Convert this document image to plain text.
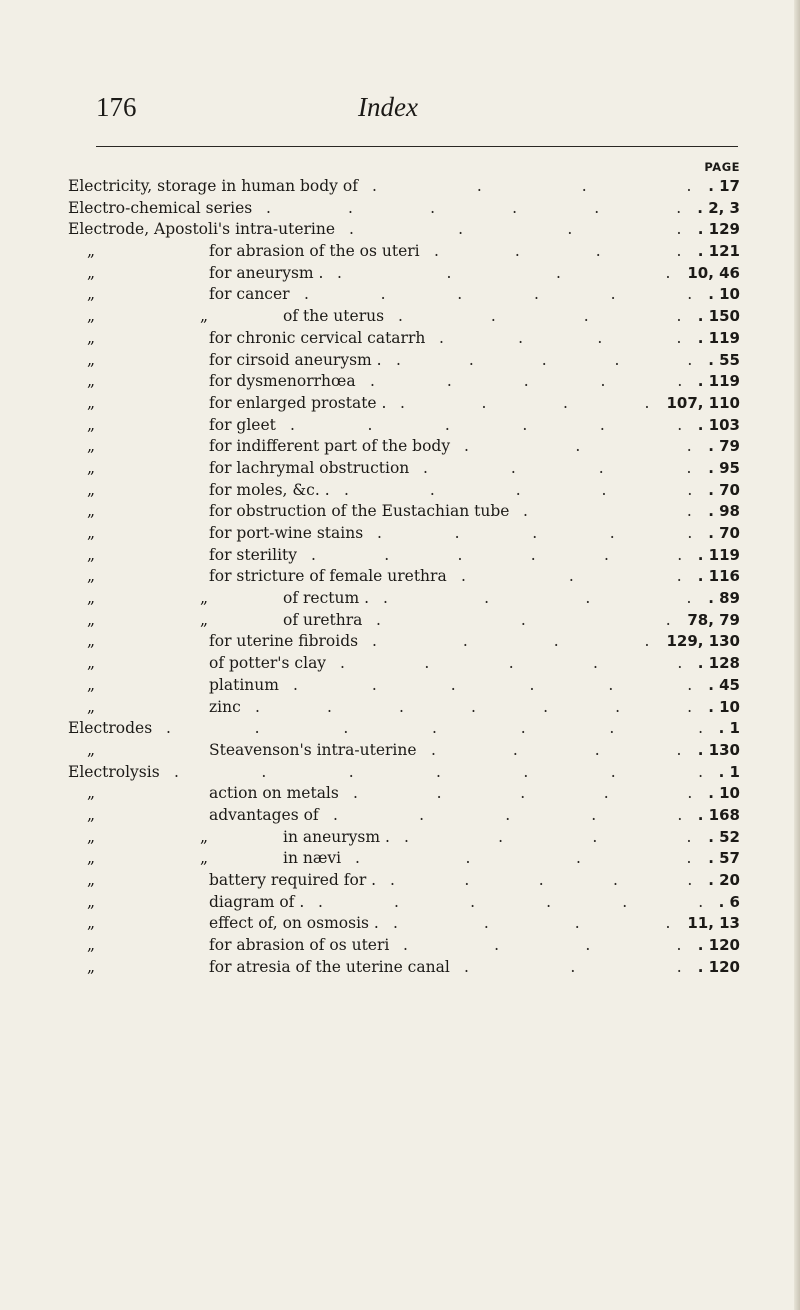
176	Index
PAGE
Electricity, storage in human body of	. 17
. . . .
Electro-chemical series	. 2, 3
. . . . . .
Electrode, Apostoli's intra-uterine	. 129
. . . .
„	for abrasion of the os uteri	. 121
. . . .
„	for aneurysm .	10, 46
. . . .
„	for cancer	. 10
. . . . . .
„	„	of the uterus	. 150
. . . .
„	for chronic cervical catarrh	. 119
. . . .
„	for cirsoid aneurysm .	. 55
. . . . .
„	for dysmenorrhœa	. 119
. . . . .
„	for enlarged prostate .	107, 110
. . . .
„	for gleet	. 103
. . . . . .
„	for indifferent part of the body	. 79
. . .
„	for lachrymal obstruction	. 95
. . . .
„	for moles, &c. .	. 70
. . . . .
„	for obstruction of the Eustachian tube	. 98
. .
„	for port-wine stains	. 70
. . . . .
„	for sterility	. 119
. . . . . .
„	for stricture of female urethra	. 116
. . .
„	„	of rectum .	. 89
. . . .
„	„	of urethra	78, 79
. . .
„	for uterine fibroids	129, 130
. . . .
„	of potter's clay	. 128
. . . . .
„	platinum	. 45
. . . . . .
„	zinc	. 10
. . . . . . .
Electrodes	. 1
. . . . . . .
„	Steavenson's intra-uterine	. 130
. . . .
Electrolysis	. 1
. . . . . . .
„	action on metals	. 10
. . . . .
„	advantages of	. 168
. . . . .
„	„	in aneurysm .	. 52
. . . .
„	„	in nævi	. 57
. . . .
„	battery required for .	. 20
. . . . .
„	diagram of .	. 6
. . . . . .
„	effect of, on osmosis .	11, 13
. . . .
„	for abrasion of os uteri	. 120
. . . .
„	for atresia of the uterine canal	. 120
. . .
